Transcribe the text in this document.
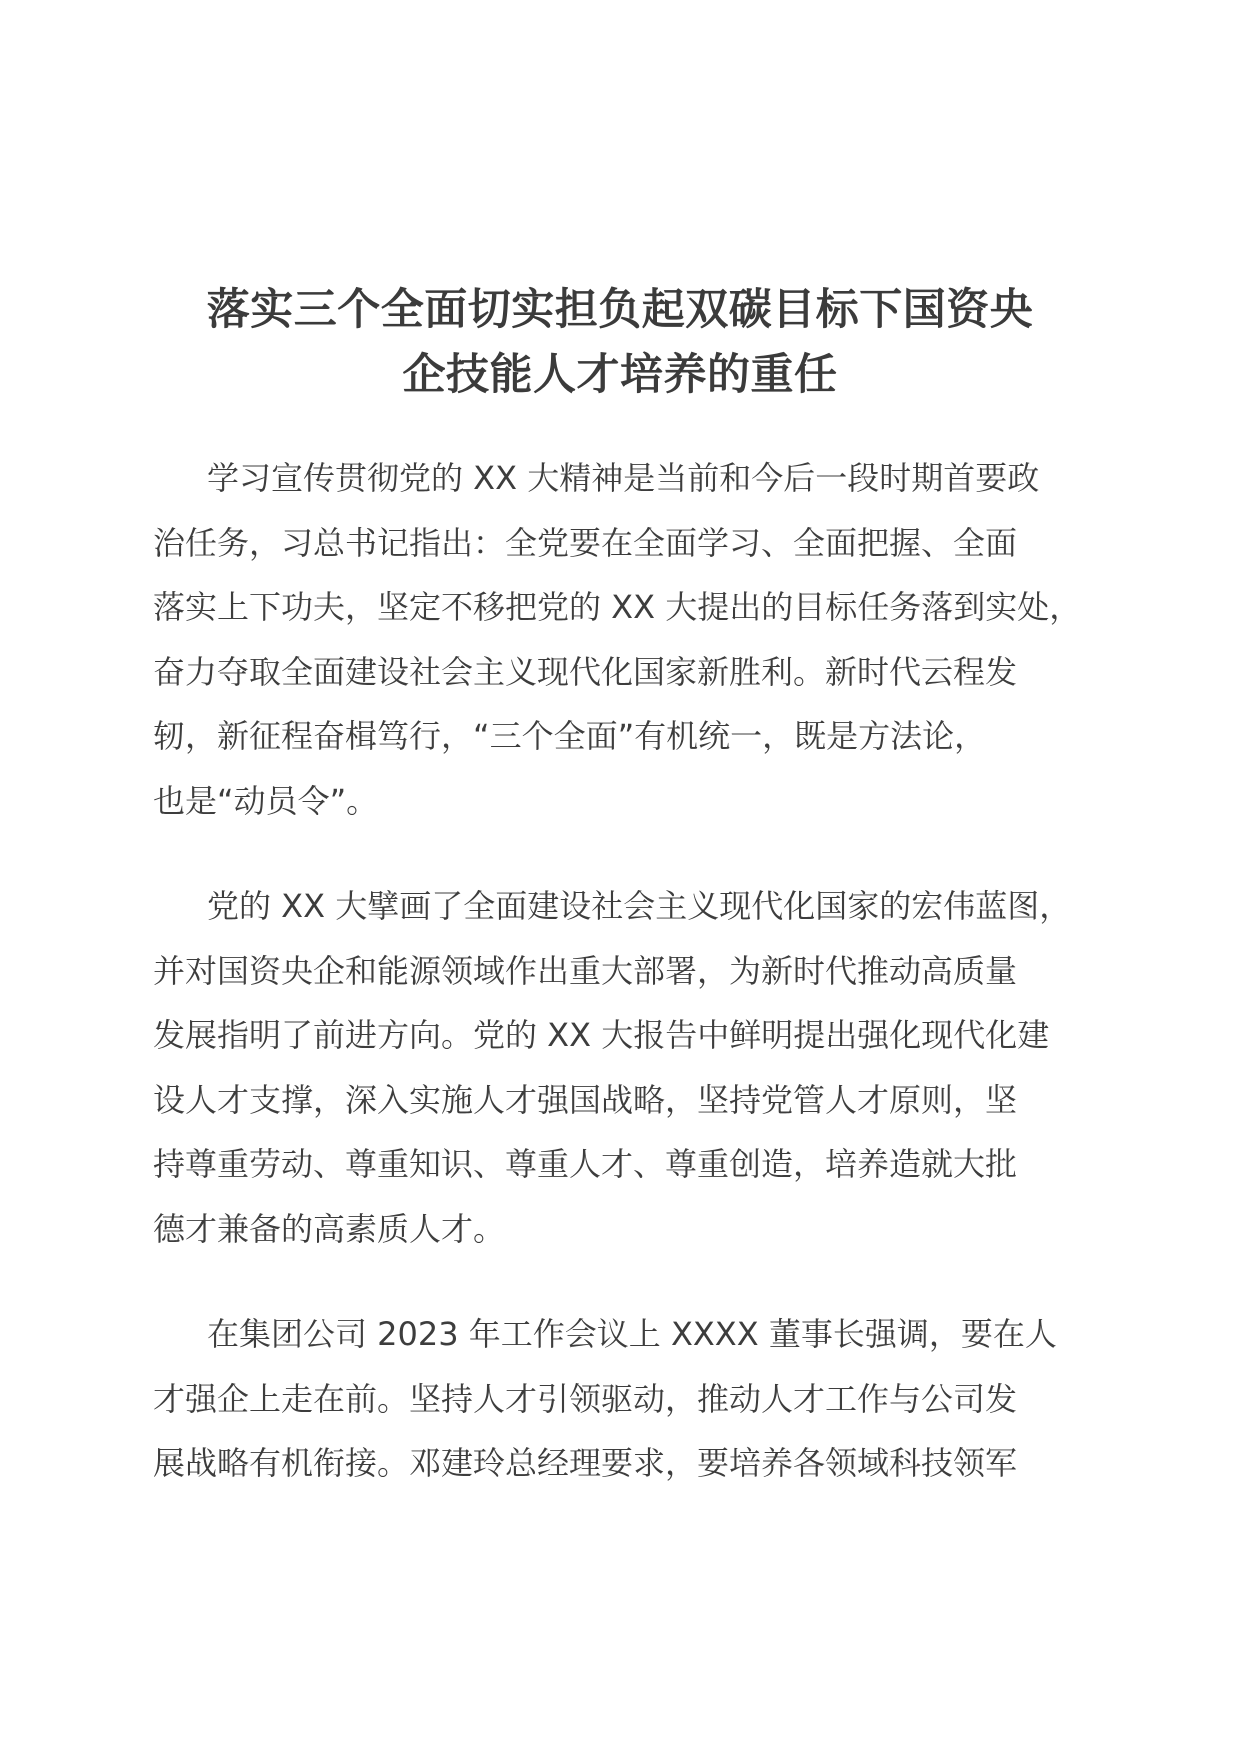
落实三个全面切实担负起双碳目标下国资央
企技能人才培养的重任
学习宣传贯彻党的 XX 大精神是当前和今后一段时期首要政
治任务，习总书记指出：全党要在全面学习、全面把握、全面
落实上下功夫，坚定不移把党的 XX 大提出的目标任务落到实处，
奋力夺取全面建设社会主义现代化国家新胜利。新时代云程发
轫，新征程奋楫笃行，“三个全面”有机统一，既是方法论，
也是“动员令”。
党的 XX 大擘画了全面建设社会主义现代化国家的宏伟蓝图，
并对国资央企和能源领域作出重大部署，为新时代推动高质量
发展指明了前进方向。党的 XX 大报告中鲜明提出强化现代化建
设人才支撑，深入实施人才强国战略，坚持党管人才原则，坚
持尊重劳动、尊重知识、尊重人才、尊重创造，培养造就大批
德才兼备的高素质人才。
在集团公司 2023 年工作会议上 XXXX 董事长强调，要在人
才强企上走在前。坚持人才引领驱动，推动人才工作与公司发
展战略有机衔接。邓建玲总经理要求，要培养各领域科技领军
